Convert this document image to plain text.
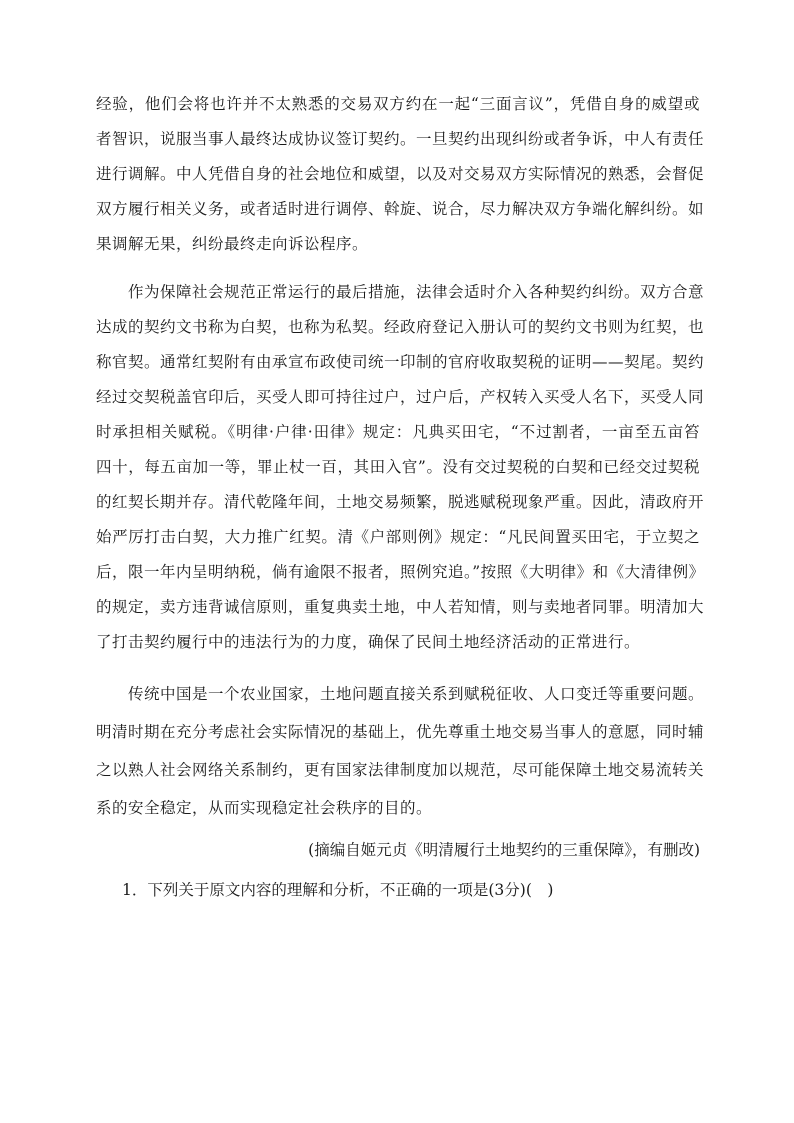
经验，他们会将也许并不太熟悉的交易双方约在一起“三面言议”，凭借自身的威望或
者智识，说服当事人最终达成协议签订契约。一旦契约出现纠纷或者争诉，中人有责任
进行调解。中人凭借自身的社会地位和威望，以及对交易双方实际情况的熟悉，会督促
双方履行相关义务，或者适时进行调停、斡旋、说合，尽力解决双方争端化解纠纷。如
果调解无果，纠纷最终走向诉讼程序。
作为保障社会规范正常运行的最后措施，法律会适时介入各种契约纠纷。双方合意
达成的契约文书称为白契，也称为私契。经政府登记入册认可的契约文书则为红契，也
称官契。通常红契附有由承宣布政使司统一印制的官府收取契税的证明——契尾。契约
经过交契税盖官印后，买受人即可持往过户，过户后，产权转入买受人名下，买受人同
时承担相关赋税。《明律·户律·田律》规定：凡典买田宅，“不过割者，一亩至五亩笞
四十，每五亩加一等，罪止杖一百，其田入官”。没有交过契税的白契和已经交过契税
的红契长期并存。清代乾隆年间，土地交易频繁，脱逃赋税现象严重。因此，清政府开
始严厉打击白契，大力推广红契。清《户部则例》规定：“凡民间置买田宅，于立契之
后，限一年内呈明纳税，倘有逾限不报者，照例究追。”按照《大明律》和《大清律例》
的规定，卖方违背诚信原则，重复典卖土地，中人若知情，则与卖地者同罪。明清加大
了打击契约履行中的违法行为的力度，确保了民间土地经济活动的正常进行。
传统中国是一个农业国家，土地问题直接关系到赋税征收、人口变迁等重要问题。
明清时期在充分考虑社会实际情况的基础上，优先尊重土地交易当事人的意愿，同时辅
之以熟人社会网络关系制约，更有国家法律制度加以规范，尽可能保障土地交易流转关
系的安全稳定，从而实现稳定社会秩序的目的。
(摘编自姬元贞《明清履行土地契约的三重保障》，有删改)
1．下列关于原文内容的理解和分析，不正确的一项是(3分)(　)
